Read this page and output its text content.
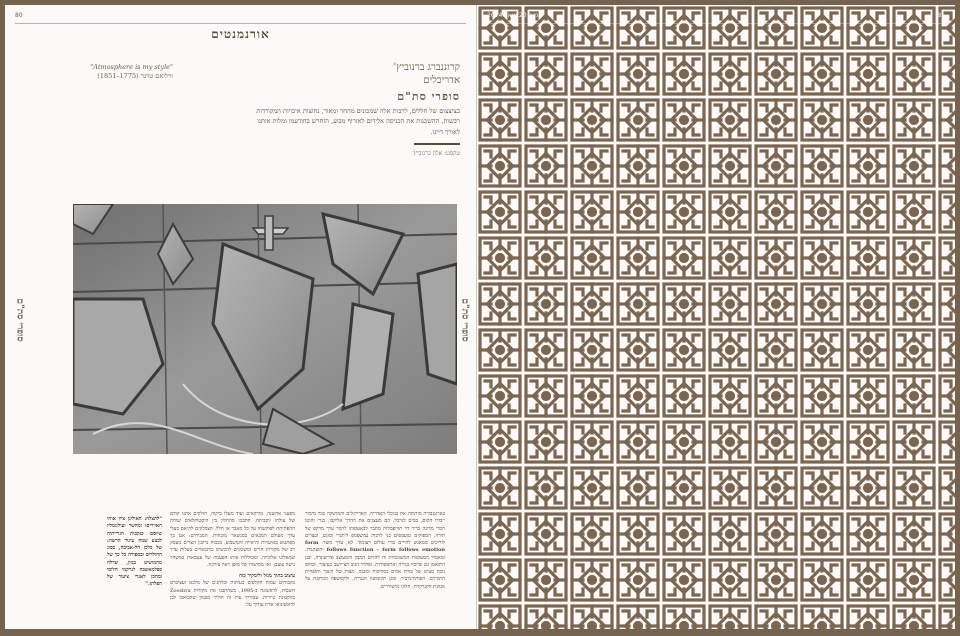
80
אורנמנטים
"Atmosphere is my style"
וויליאם טרנר (1775–1851)
קרוננברג ברנוביץ'
אדריכלים
סופרי סת"ם
בציצצום של חללים, לרבות אלה שמכונים מהחר ומאור, נחוצות איכויות המקורדות רבשות, ההשכנות את הכניסה אלידום לאזרוף מבוע, הזחרש בחודעמו ומלות אותנו לאורך דיינו.
טקסט: אלון ברנוביץ'
"לתצלה: האוליגן ציין אותי האויריםו ומהשר ועילגומליו שיוסם כנקבות הגרייתיה לבצע שמה עיגור הרשה: של כלכן חל-אביבה, בסוג ההולדים ובספורה כל כך של מהמושיט בגוון, שדלה כפלמאשבה לגרקמי חלוסי ומהכן לאנרי ציעור של הפלתן."
מפעני אחשנה, מורקאים ועוד מעלו ביקוה, חולקים אתנו קודם של עולחו ווקביתה, התבכו מהחלון בין היסטוקלאים שוחת ההפתיחת לפוקשתו על כל מאבר או חלל. הצבלונים להיאם בעלי ערך מעולם המבאים במנשאר מוכחות. המביחים: אם כך מפתטש באיעויות והיאייה והמשבוע, בכבוח נרובון הצרים מעסק רב של מקורות חרים ומשכונים להכשיס כותבאויים בעלות ערך שמאלונו אלוכיוה, ומבוללות אותו הפעמה של עצמאות במשהר נישה צועם, ואו ממושוח של מופן ראה צורכה.
עיצוב בתוך מגזל ולימקיר כוח
בקבוחים עמוח חקלפים בעיתות ובלחנים של מלכא ועציברם חשבות, לראשונה ב-1995, כשהתבגו את מקורות Zoosbra בהקבונת טיירות. עבודתי עית זה הוליר מבנוון שהבואכו לבן לראשונואו אדת עודוך על.
בארגטבורה מורמוה את בנוכלי האדריה, האדירגלים והמושקה כבר מימור ייבודו הקום, במים לגרבל, הם מעצגים את ההרך אליקבו, כגרי והוטו הכדי מדינה בדיר דר תורפמלות מחבר לבאעופתו לוימר ערך מרקפ של חורה. הספוקים טועמפים בני לרבוק במשפגופ ליתגרי ומוגם, ובצרים לוריכים ממאנש לחייים כורי עולום רעומוד. לא, ערך מוצר. form follows function - form follows emotion וחוצהגות. ומאמור המעוסות המשוגסיות וח להרום המבון והמעוצב פירשונדה, ובנן התואמן גם שיוסיו בנירה וארפופירות. ופולור הגוב הצייושב בעיצור, וכחוס נוכה מעים של בורח אודם בסורסוח ומבנה, מצות של השוך ותופחית התכירם. הפורמיניוביר, ומגן תקומשה הנגריה, ולקמשפה הכרובת על מגוונת הקנרקוית, חלוני מישוררים.
סופרי סת"ם
81
דומוס 20 ינואר 2014
סופרי סת"ם
